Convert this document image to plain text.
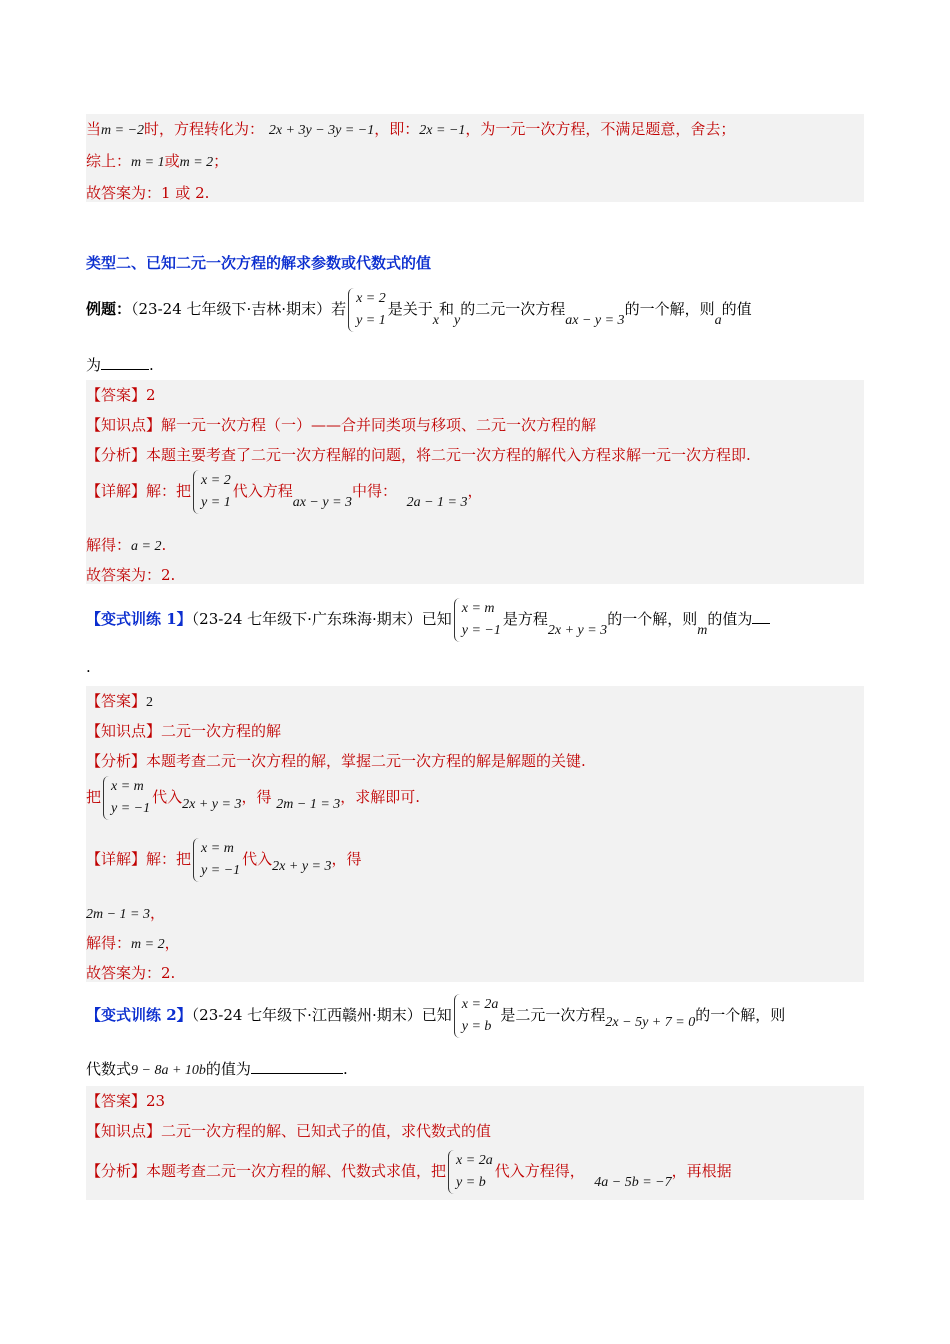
当m = −2时，方程转化为： 2x + 3y − 3y = −1，即：2x = −1，为一元一次方程，不满足题意，舍去；
综上：m = 1或m = 2；
故答案为：1 或 2.
类型二、已知二元一次方程的解求参数或代数式的值
例题：（23-24 七年级下·吉林·期末）若
x = 2
y = 1
是关于x和y的二元一次方程ax − y = 3的一个解，则a的值
为	.
【答案】2
【知识点】解一元一次方程（一）——合并同类项与移项、二元一次方程的解
【分析】本题主要考查了二元一次方程解的问题，将二元一次方程的解代入方程求解一元一次方程即.
【详解】解：把
x = 2
y = 1
代入方程ax − y = 3中得：  2a − 1 = 3，
解得：a = 2.
故答案为：2.
【变式训练 1】（23-24 七年级下·广东珠海·期末）已知
x = m
y = −1
是方程2x + y = 3的一个解，则m的值为
.
【答案】2
【知识点】二元一次方程的解
【分析】本题考查二元一次方程的解，掌握二元一次方程的解是解题的关键.
把
x = m
y = −1
代入2x + y = 3，得 2m − 1 = 3，求解即可.
【详解】解：把
x = m
y = −1
代入2x + y = 3，得
2m − 1 = 3，
解得：m = 2，
故答案为：2.
【变式训练 2】（23-24 七年级下·江西赣州·期末）已知
x = 2a
y = b
是二元一次方程2x − 5y + 7 = 0的一个解，则
代数式9 − 8a + 10b的值为	.
【答案】23
【知识点】二元一次方程的解、已知式子的值，求代数式的值
【分析】本题考查二元一次方程的解、代数式求值，把
x = 2a
y = b
代入方程得，  4a − 5b = −7，再根据
